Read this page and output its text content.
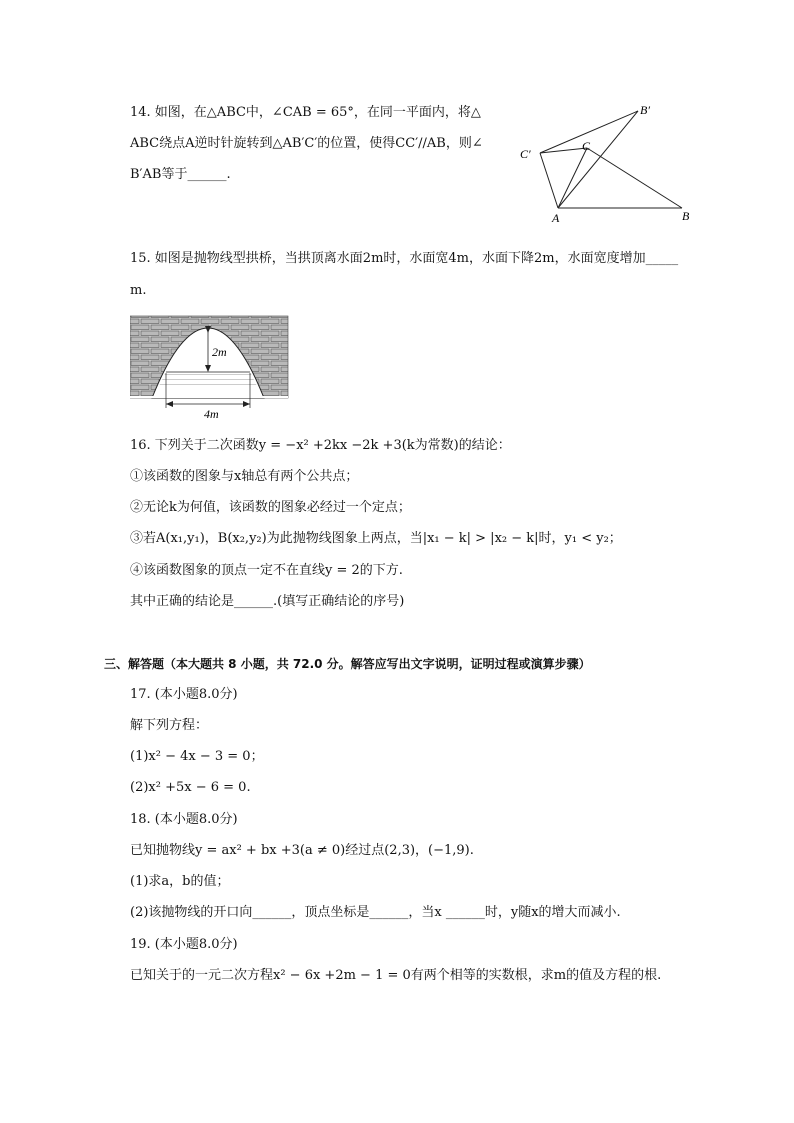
14. 如图，在△ABC中，∠CAB = 65°，在同一平面内，将△
ABC绕点A逆时针旋转到△AB′C′的位置，使得CC′//AB，则∠
B′AB等于______.
B′
C′
C
A	B
15. 如图是抛物线型拱桥，当拱顶离水面2m时，水面宽4m，水面下降2m，水面宽度增加_____
m.
2m
4m
16. 下列关于二次函数y = −x² +2kx −2k +3(k为常数)的结论：
①该函数的图象与x轴总有两个公共点；
②无论k为何值，该函数的图象必经过一个定点；
③若A(x₁,y₁)，B(x₂,y₂)为此抛物线图象上两点，当|x₁ − k| > |x₂ − k|时，y₁ < y₂；
④该函数图象的顶点一定不在直线y = 2的下方.
其中正确的结论是______.(填写正确结论的序号)
三、解答题（本大题共 8 小题，共 72.0 分。解答应写出文字说明，证明过程或演算步骤）
17. (本小题8.0分)
解下列方程：
(1)x² − 4x − 3 = 0；
(2)x² +5x − 6 = 0.
18. (本小题8.0分)
已知抛物线y = ax² + bx +3(a ≠ 0)经过点(2,3)，(−1,9).
(1)求a，b的值；
(2)该抛物线的开口向______，顶点坐标是______，当x ______时，y随x的增大而减小.
19. (本小题8.0分)
已知关于的一元二次方程x² − 6x +2m − 1 = 0有两个相等的实数根，求m的值及方程的根.
